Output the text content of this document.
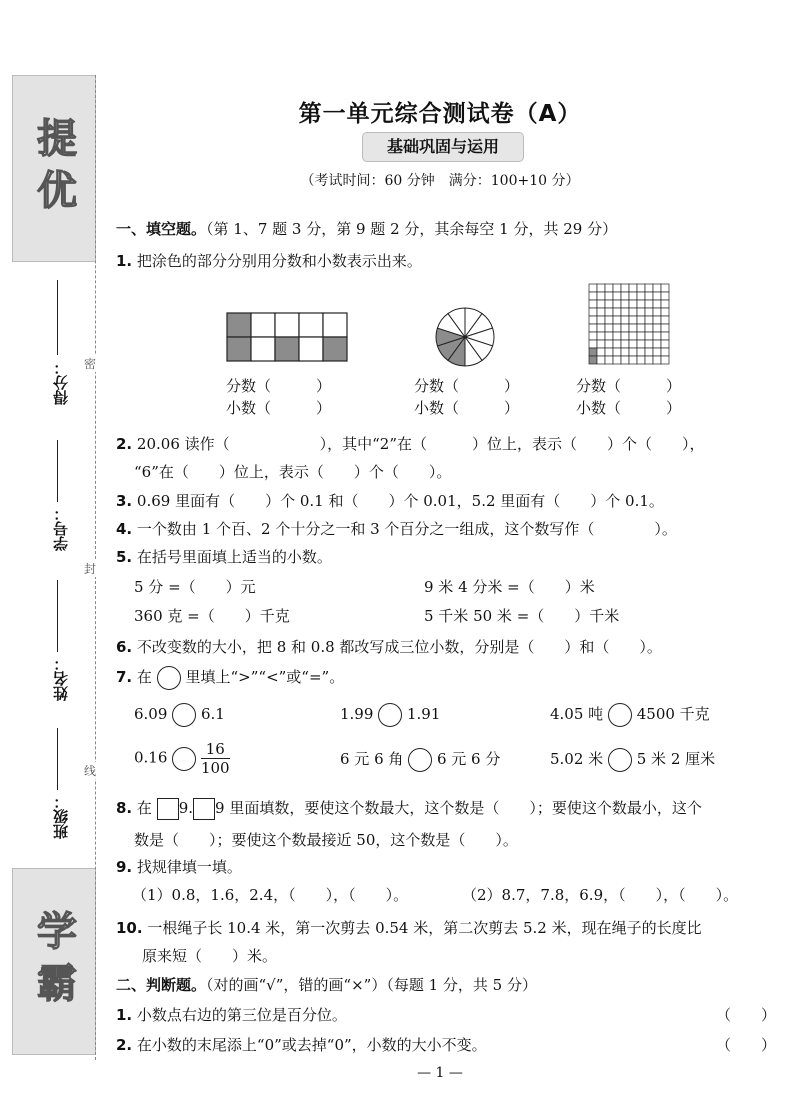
提优
学霸
密
封
线
得分：
学号：
姓名：
班级：
第一单元综合测试卷（A）
基础巩固与运用
（考试时间：60 分钟　满分：100+10 分）
一、填空题。（第 1、7 题 3 分，第 9 题 2 分，其余每空 1 分，共 29 分）
1. 把涂色的部分分别用分数和小数表示出来。
分数（　　　）
小数（　　　）
分数（　　　）
小数（　　　）
分数（　　　）
小数（　　　）
2. 20.06 读作（　　　　　　），其中“2”在（　　　）位上，表示（　　）个（　　），
“6”在（　　）位上，表示（　　）个（　　）。
3. 0.69 里面有（　　）个 0.1 和（　　）个 0.01，5.2 里面有（　　）个 0.1。
4. 一个数由 1 个百、2 个十分之一和 3 个百分之一组成，这个数写作（　　　　）。
5. 在括号里面填上适当的小数。
5 分 =（　　）元	9 米 4 分米 =（　　）米
360 克 =（　　）千克	5 千米 50 米 =（　　）千米
6. 不改变数的大小，把 8 和 0.8 都改写成三位小数，分别是（　　）和（　　）。
7. 在 里填上“>”“<”或“=”。
6.09 6.1	1.99 1.91	4.05 吨 4500 千克
$0.16 \frac{16}{100}$	6 元 6 角 6 元 6 分	5.02 米 5 米 2 厘米
8. 在 9. 9 里面填数，要使这个数最大，这个数是（　　）；要使这个数最小，这个
数是（　　）；要使这个数最接近 50，这个数是（　　）。
9. 找规律填一填。
（1）0.8，1.6，2.4，（　　），（　　）。	（2）8.7，7.8，6.9，（　　），（　　）。
10. 一根绳子长 10.4 米，第一次剪去 0.54 米，第二次剪去 5.2 米，现在绳子的长度比
原来短（　　）米。
二、判断题。（对的画“√”，错的画“×”）（每题 1 分，共 5 分）
1. 小数点右边的第三位是百分位。	（　　）
2. 在小数的末尾添上“0”或去掉“0”，小数的大小不变。	（　　）
— 1 —
